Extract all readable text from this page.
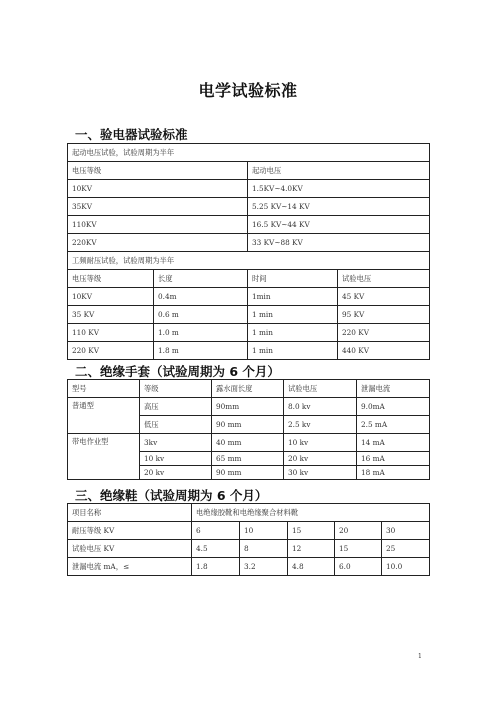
电学试验标准
一、验电器试验标准
起动电压试验，试验周期为半年			
电压等级		起动电压	
10KV		1.5KV~4.0KV	
35KV		5.25 KV~14 KV	
110KV		16.5 KV~44 KV	
220KV		33 KV~88 KV	
工频耐压试验，试验周期为半年			
电压等级	长度	时间	试验电压
10KV	0.4m	1min	45 KV
35 KV	0.6 m	1 min	95 KV
110 KV	1.0 m	1 min	220 KV
220 KV	1.8 m	1 min	440 KV
二、绝缘手套（试验周期为 6 个月）
型号	等级	露水面长度	试验电压	泄漏电流
普通型	高压	90mm	8.0 kv	9.0mA
	低压	90 mm	2.5 kv	2.5 mA
带电作业型	3kv	40 mm	10 kv	14 mA
	10 kv	65 mm	20 kv	16 mA
	20 kv	90 mm	30 kv	18 mA
三、绝缘鞋（试验周期为 6 个月）
项目名称	电绝缘胶靴和电绝缘聚合材料靴				
耐压等级 KV	6	10	15	20	30
试验电压 KV	4.5	8	12	15	25
泄漏电流 mA，≤	1.8	3.2	4.8	6.0	10.0
1
